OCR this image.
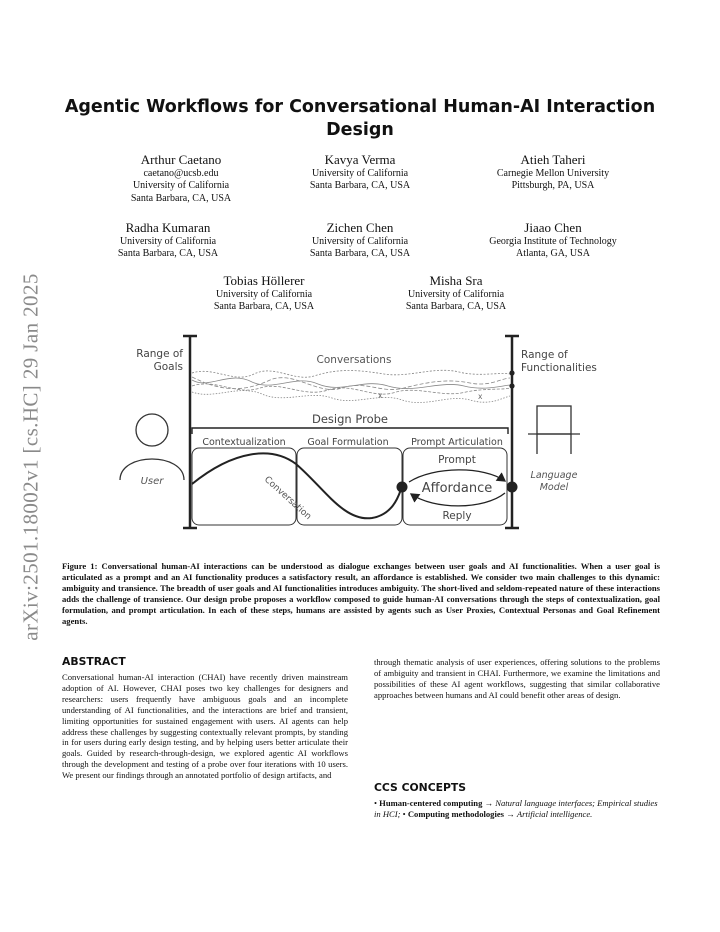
arXiv:2501.18002v1 [cs.HC] 29 Jan 2025
Agentic Workflows for Conversational Human-AI Interaction Design
Arthur Caetano
caetano@ucsb.edu
University of California
Santa Barbara, CA, USA
Kavya Verma
University of California
Santa Barbara, CA, USA
Atieh Taheri
Carnegie Mellon University
Pittsburgh, PA, USA
Radha Kumaran
University of California
Santa Barbara, CA, USA
Zichen Chen
University of California
Santa Barbara, CA, USA
Jiaao Chen
Georgia Institute of Technology
Atlanta, GA, USA
Tobias Höllerer
University of California
Santa Barbara, CA, USA
Misha Sra
University of California
Santa Barbara, CA, USA
Range of
Goals
Range of
Functionalities
Conversations
x	x
Design Probe
Contextualization Goal Formulation Prompt Articulation
Conversation
Prompt
Affordance
Reply
User
Language
Model
Figure 1: Conversational human-AI interactions can be understood as dialogue exchanges between user goals and AI functionalities. When a user goal is articulated as a prompt and an AI functionality produces a satisfactory result, an affordance is established. We consider two main challenges to this dynamic: ambiguity and transience. The breadth of user goals and AI functionalities introduces ambiguity. The short-lived and seldom-repeated nature of these interactions adds the challenge of transience. Our design probe proposes a workflow composed to guide human-AI conversations through the steps of contextualization, goal formulation, and prompt articulation. In each of these steps, humans are assisted by agents such as User Proxies, Contextual Personas and Goal Refinement agents.
ABSTRACT
Conversational human-AI interaction (CHAI) have recently driven mainstream adoption of AI. However, CHAI poses two key challenges for designers and researchers: users frequently have ambiguous goals and an incomplete understanding of AI functionalities, and the interactions are brief and transient, limiting opportunities for sustained engagement with users. AI agents can help address these challenges by suggesting contextually relevant prompts, by standing in for users during early design testing, and by helping users better articulate their goals. Guided by research-through-design, we explored agentic AI workflows through the development and testing of a probe over four iterations with 10 users. We present our findings through an annotated portfolio of design artifacts, and
through thematic analysis of user experiences, offering solutions to the problems of ambiguity and transient in CHAI. Furthermore, we examine the limitations and possibilities of these AI agent workflows, suggesting that similar collaborative approaches between humans and AI could benefit other areas of design.
CCS CONCEPTS
• Human-centered computing → Natural language interfaces; Empirical studies in HCI; • Computing methodologies → Artificial intelligence.
